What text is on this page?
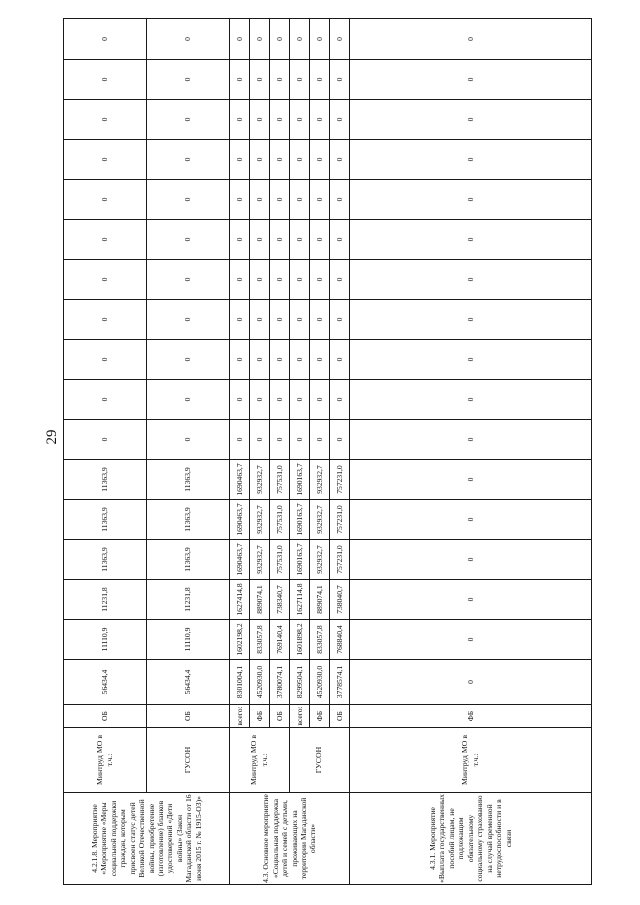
29
4.2.1.8. Мероприятие «Мероприятие «Меры социальной поддержки граждан, которым присвоен статус детей Великой Отечественной войны, приобретение (изготовление) бланков удостоверений «Дети войны» (Закон Магаданской области от 16 июня 2015 г. № 1915-ОЗ)»	Минтруд МО в т.ч.:	ОБ	56434,4	11110,9	11231,8	11363,9	11363,9	11363,9	0	0	0	0	0	0	0	0	0	0	0
	ГУСОН	ОБ	56434,4	11110,9	11231,8	11363,9	11363,9	11363,9	0	0	0	0	0	0	0	0	0	0	0
4.3. Основное мероприятие «Социальная поддержка детей и семей с детьми, проживающих на территории Магаданской области»	Минтруд МО в т.ч.:	всего:	8301004,1	1602198,2	1627414,8	1690463,7	1690463,7	1690463,7	0	0	0	0	0	0	0	0	0	0	0
		ФБ	4520930,0	833057,8	889074,1	932932,7	932932,7	932932,7	0	0	0	0	0	0	0	0	0	0	0
		ОБ	3780074,1	769140,4	738340,7	757531,0	757531,0	757531,0	0	0	0	0	0	0	0	0	0	0	0
	ГУСОН	всего:	8299504,1	1601898,2	1627114,8	1690163,7	1690163,7	1690163,7	0	0	0	0	0	0	0	0	0	0	0
		ФБ	4520930,0	833057,8	889074,1	932932,7	932932,7	932932,7	0	0	0	0	0	0	0	0	0	0	0
		ОБ	3778574,1	768840,4	738040,7	757231,0	757231,0	757231,0	0	0	0	0	0	0	0	0	0	0	0
4.3.1. Мероприятие «Выплата государственных пособий лицам, не подлежащим обязательному социальному страхованию на случай временной нетрудоспособности и в связи	Минтруд МО в т.ч.:	ФБ	0	0	0	0	0	0	0	0	0	0	0	0	0	0	0	0	0
